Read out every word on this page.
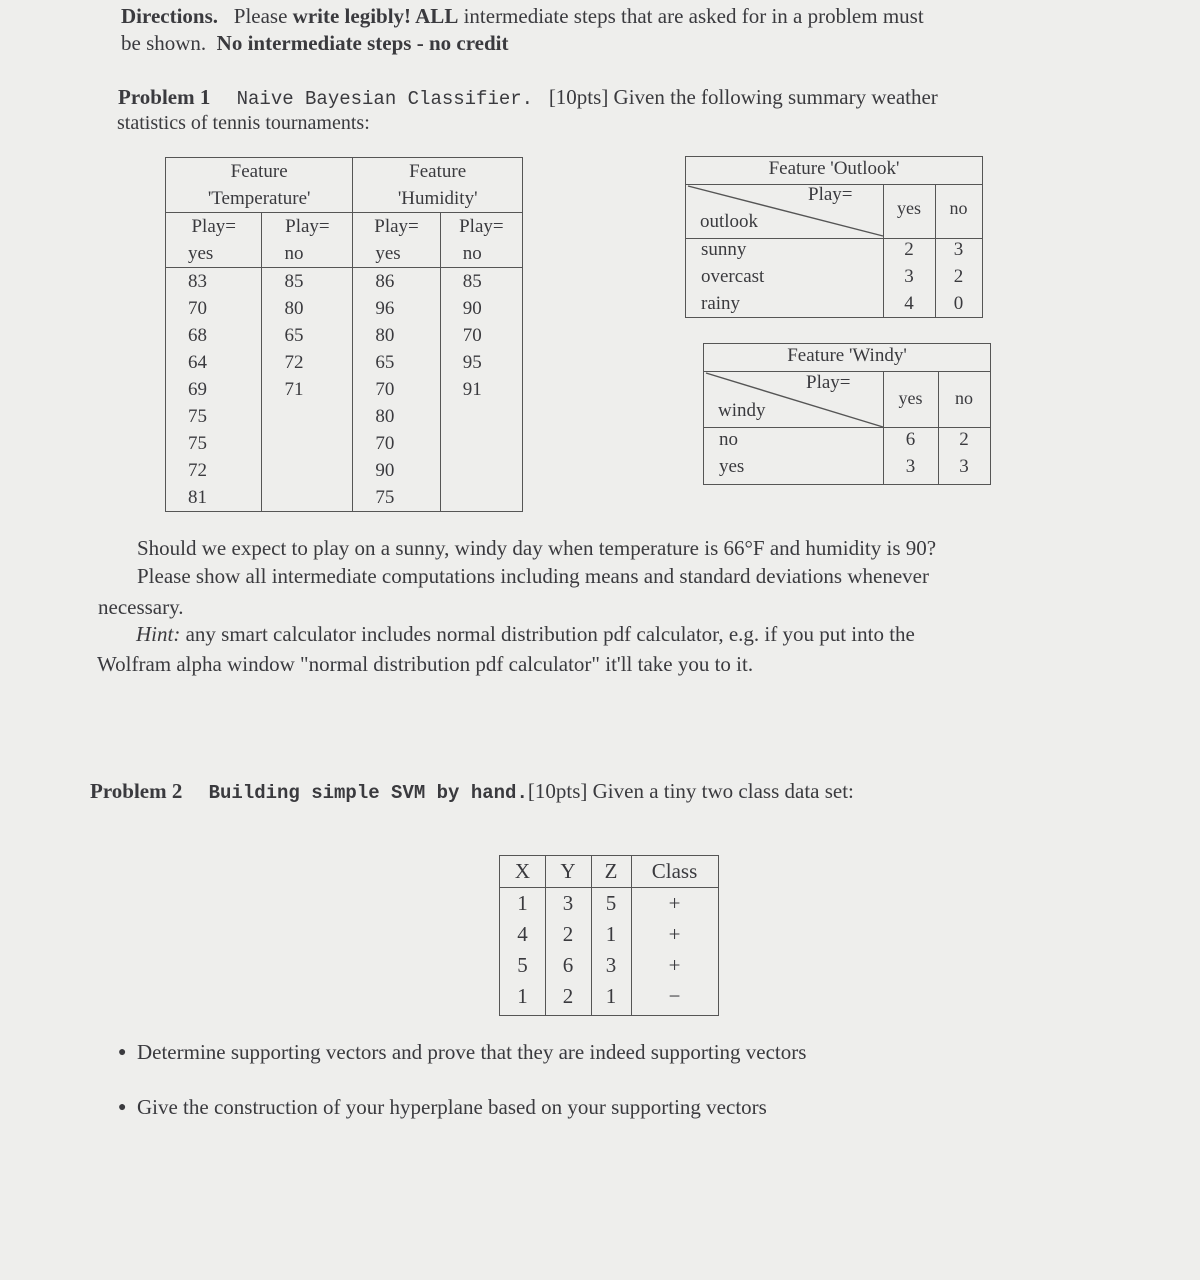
Directions. Please write legibly! ALL intermediate steps that are asked for in a problem must
be shown. No intermediate steps - no credit
Problem 1 Naive Bayesian Classifier. [10pts] Given the following summary weather
statistics of tennis tournaments:
Feature		Feature	
'Temperature'		'Humidity'	
Play=	Play=	Play=	Play=
yes	no	yes	no
83	85	86	85
70	80	96	90
68	65	80	70
64	72	65	95
69	71	70	91
75		80	
75		70	
72		90	
81		75	
Feature 'Outlook'
Play=
outlook
yes	no
sunny	2	3
overcast	3	2
rainy	4	0
Feature 'Windy'
Play=
windy
yes	no
no	6	2
yes	3	3
Should we expect to play on a sunny, windy day when temperature is 66°F and humidity is 90?
Please show all intermediate computations including means and standard deviations whenever
necessary.
Hint: any smart calculator includes normal distribution pdf calculator, e.g. if you put into the
Wolfram alpha window "normal distribution pdf calculator" it'll take you to it.
Problem 2 Building simple SVM by hand.[10pts] Given a tiny two class data set:
X	Y	Z	Class
1	3	5	+
4	2	1	+
5	6	3	+
1	2	1	−
● Determine supporting vectors and prove that they are indeed supporting vectors
● Give the construction of your hyperplane based on your supporting vectors
